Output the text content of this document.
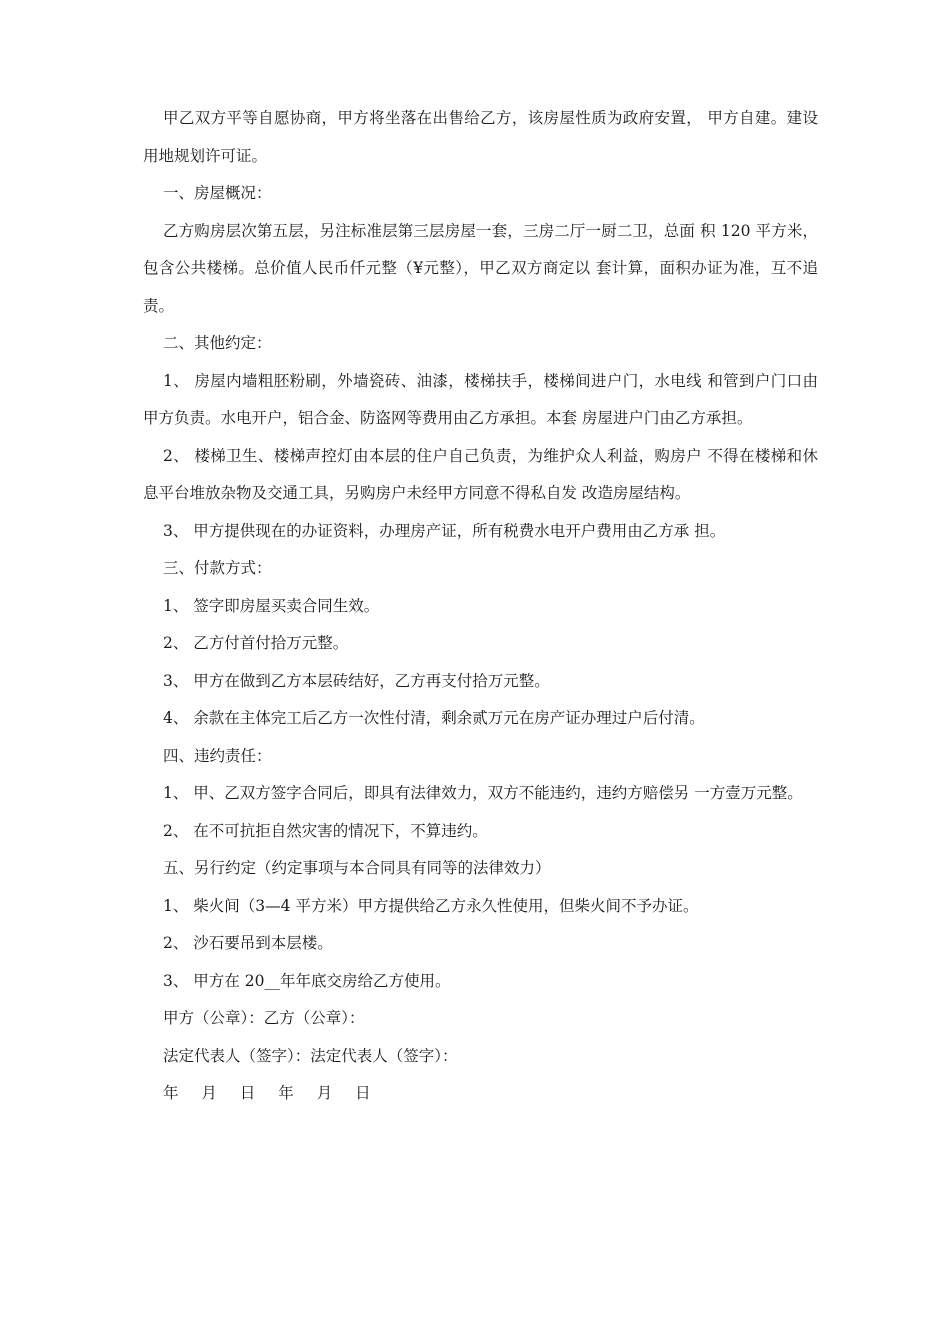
甲乙双方平等自愿协商，甲方将坐落在出售给乙方，该房屋性质为政府安置， 甲方自建。建设用地规划许可证。

一、房屋概况：

乙方购房层次第五层，另注标准层第三层房屋一套，三房二厅一厨二卫，总面 积 120 平方米，包含公共楼梯。总价值人民币仟元整（¥元整），甲乙双方商定以 套计算，面积办证为准，互不追责。

二、其他约定：

1、 房屋内墙粗胚粉刷，外墙瓷砖、油漆，楼梯扶手，楼梯间进户门，水电线 和管到户门口由甲方负责。水电开户，铝合金、防盗网等费用由乙方承担。本套 房屋进户门由乙方承担。

2、 楼梯卫生、楼梯声控灯由本层的住户自己负责，为维护众人利益，购房户 不得在楼梯和休息平台堆放杂物及交通工具，另购房户未经甲方同意不得私自发 改造房屋结构。

3、 甲方提供现在的办证资料，办理房产证，所有税费水电开户费用由乙方承 担。

三、付款方式：

1、 签字即房屋买卖合同生效。

2、 乙方付首付拾万元整。

3、 甲方在做到乙方本层砖结好，乙方再支付拾万元整。

4、 余款在主体完工后乙方一次性付清，剩余贰万元在房产证办理过户后付清。

四、违约责任：

1、 甲、乙双方签字合同后，即具有法律效力，双方不能违约，违约方赔偿另 一方壹万元整。

2、 在不可抗拒自然灾害的情况下，不算违约。

五、另行约定（约定事项与本合同具有同等的法律效力）

1、 柴火间（3—4 平方米）甲方提供给乙方永久性使用，但柴火间不予办证。

2、 沙石要吊到本层楼。

3、 甲方在 20__年年底交房给乙方使用。

甲方（公章）：乙方（公章）：

法定代表人（签字）：法定代表人（签字）：

年 月 日 年 月 日
